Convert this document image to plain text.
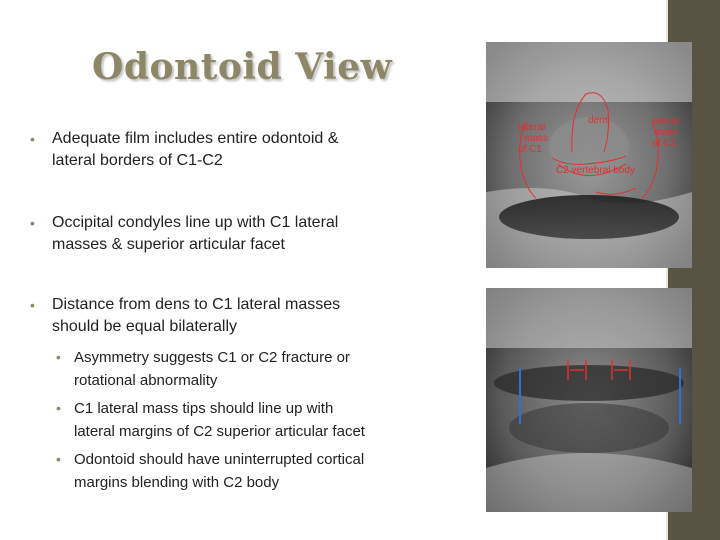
Odontoid View
• Adequate film includes entire odontoid &
lateral borders of C1-C2
• Occipital condyles line up with C1 lateral
masses & superior articular facet
• Distance from dens to C1 lateral masses
should be equal bilaterally
• Asymmetry suggests C1 or C2 fracture or
rotational abnormality
• C1 lateral mass tips should line up with
lateral margins of C2 superior articular facet
• Odontoid should have uninterrupted cortical
margins blending with C2 body
lateral
mass
of C1
dens	lateral
mass
of C1
C2 vertebral body
